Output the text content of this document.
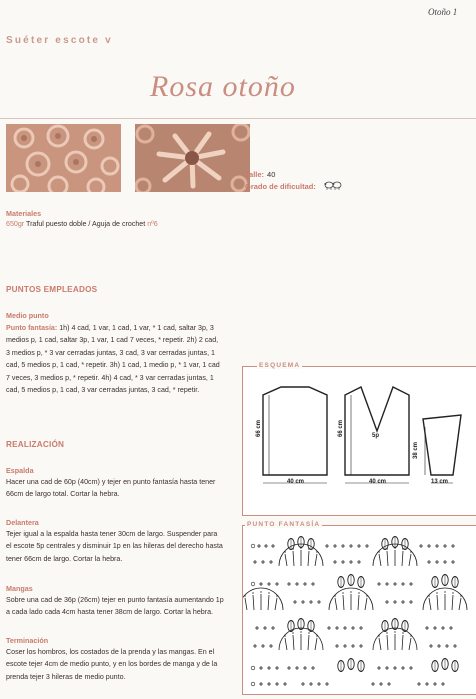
Otoño 1
Suéter escote v
Rosa otoño
Talle: 40
Grado de dificultad:
Materiales
650gr Traful puesto doble / Aguja de crochet nº6
PUNTOS EMPLEADOS
Medio punto
Punto fantasía: 1h) 4 cad, 1 var, 1 cad, 1 var, * 1 cad, saltar 3p, 3
medios p, 1 cad, saltar 3p, 1 var, 1 cad 7 veces, * repetir. 2h) 2 cad,
3 medios p, * 3 var cerradas juntas, 3 cad, 3 var cerradas juntas, 1
cad, 5 medios p, 1 cad, * repetir. 3h) 1 cad, 1 medio p, * 1 var, 1 cad
7 veces, 3 medios p, * repetir. 4h) 4 cad, * 3 var cerradas juntas, 1
cad, 5 medios p, 1 cad, 3 var cerradas juntas, 3 cad, * repetir.
REALIZACIÓN
Espalda
Hacer una cad de 60p (40cm) y tejer en punto fantasía hasta tener
66cm de largo total. Cortar la hebra.
Delantera
Tejer igual a la espalda hasta tener 30cm de largo. Suspender para
el escote 5p centrales y disminuir 1p en las hileras del derecho hasta
tener 66cm de largo. Cortar la hebra.
Mangas
Sobre una cad de 36p (26cm) tejer en punto fantasía aumentando 1p
a cada lado cada 4cm hasta tener 38cm de largo. Cortar la hebra.
Terminación
Coser los hombros, los costados de la prenda y las mangas. En el
escote tejer 4cm de medio punto, y en los bordes de manga y de la
prenda tejer 3 hileras de medio punto.
ESQUEMA
66 cm
40 cm
66 cm
40 cm
5p
38 cm
13 cm
PUNTO FANTASÍA
